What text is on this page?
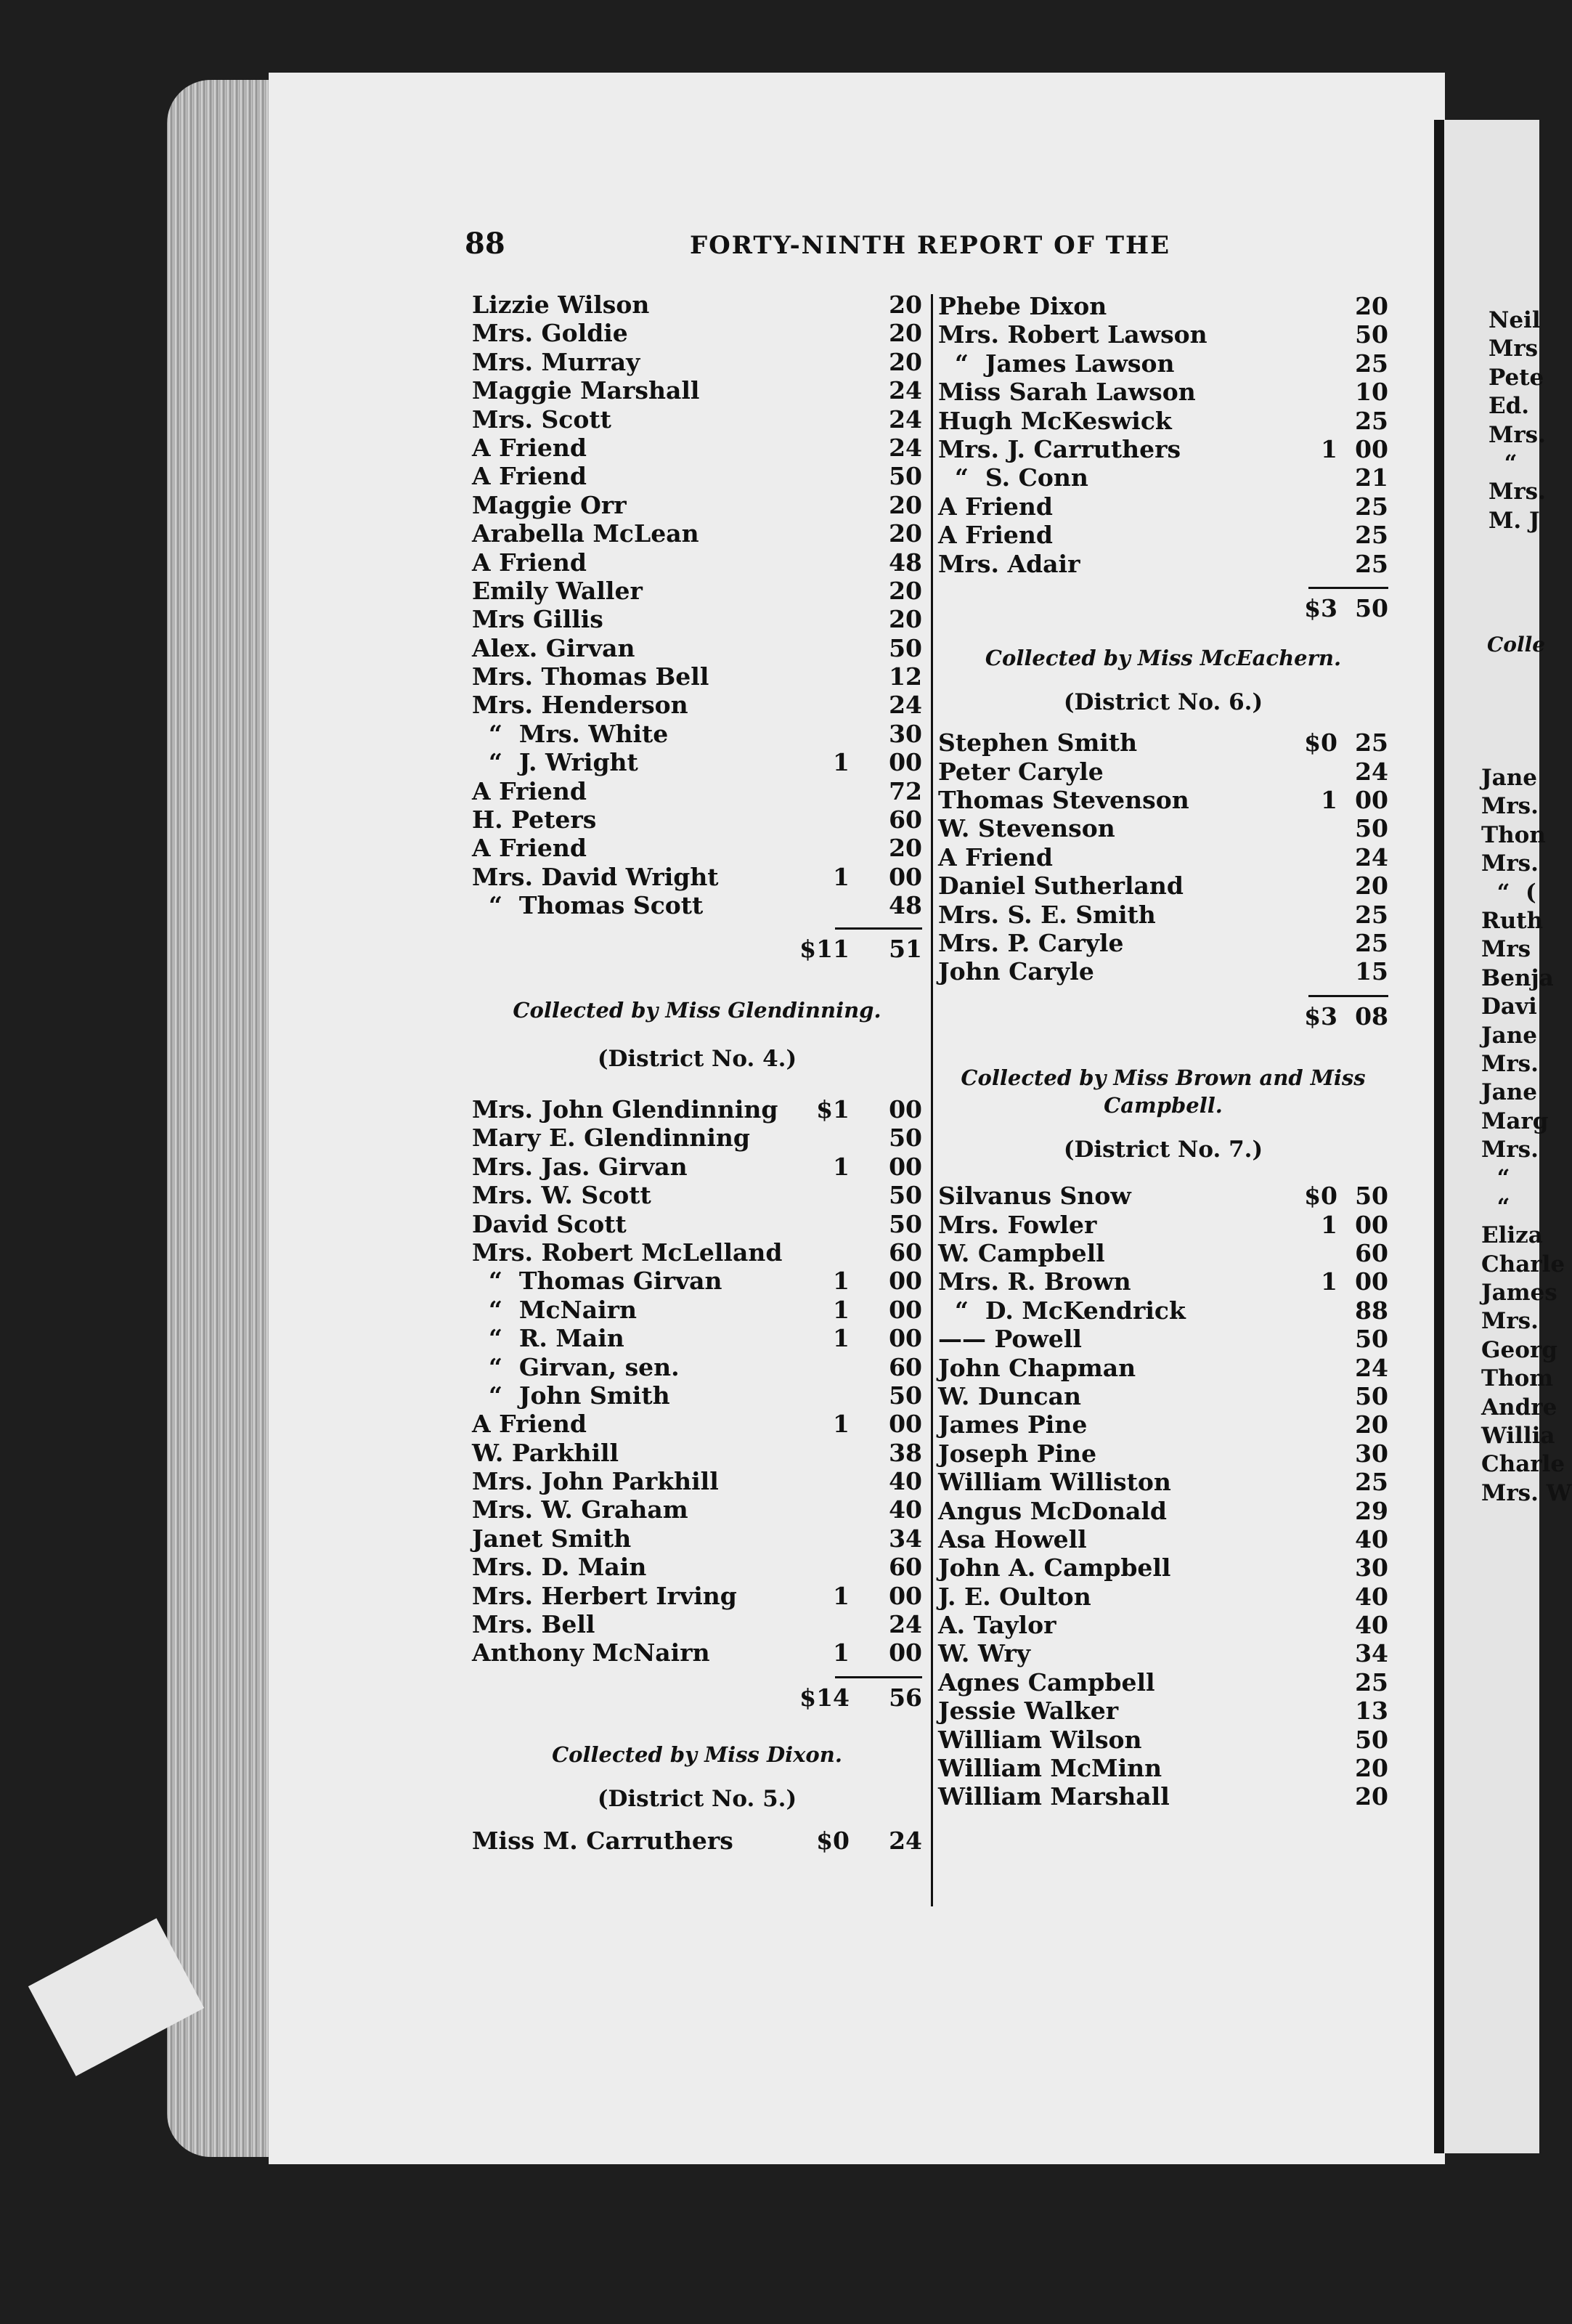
88	FORTY-NINTH REPORT OF THE
Lizzie Wilson	20
Mrs. Goldie	20
Mrs. Murray	20
Maggie Marshall	24
Mrs. Scott	24
A Friend	24
A Friend	50
Maggie Orr	20
Arabella McLean	20
A Friend	48
Emily Waller	20
Mrs Gillis	20
Alex. Girvan	50
Mrs. Thomas Bell	12
Mrs. Henderson	24
“  Mrs. White	30
“  J. Wright	1	00
A Friend	72
H. Peters	60
A Friend	20
Mrs. David Wright	1	00
“  Thomas Scott	48
$11	51
Collected by Miss Glendinning.
(District No. 4.)
Mrs. John Glendinning	$1	00
Mary E. Glendinning	50
Mrs. Jas. Girvan	1	00
Mrs. W. Scott	50
David Scott	50
Mrs. Robert McLelland	60
“  Thomas Girvan	1	00
“  McNairn	1	00
“  R. Main	1	00
“  Girvan, sen.	60
“  John Smith	50
A Friend	1	00
W. Parkhill	38
Mrs. John Parkhill	40
Mrs. W. Graham	40
Janet Smith	34
Mrs. D. Main	60
Mrs. Herbert Irving	1	00
Mrs. Bell	24
Anthony McNairn	1	00
$14	56
Collected by Miss Dixon.
(District No. 5.)
Miss M. Carruthers	$0	24
Phebe Dixon	20
Mrs. Robert Lawson	50
“  James Lawson	25
Miss Sarah Lawson	10
Hugh McKeswick	25
Mrs. J. Carruthers	1 00
“  S. Conn	21
A Friend	25
A Friend	25
Mrs. Adair	25
$3 50
Collected by Miss McEachern.
(District No. 6.)
Stephen Smith	$0 25
Peter Caryle	24
Thomas Stevenson	1 00
W. Stevenson	50
A Friend	24
Daniel Sutherland	20
Mrs. S. E. Smith	25
Mrs. P. Caryle	25
John Caryle	15
$3 08
Collected by Miss Brown and Miss
Campbell.
(District No. 7.)
Silvanus Snow	$0 50
Mrs. Fowler	1 00
W. Campbell	60
Mrs. R. Brown	1 00
“  D. McKendrick	88
—— Powell	50
John Chapman	24
W. Duncan	50
James Pine	20
Joseph Pine	30
William Williston	25
Angus McDonald	29
Asa Howell	40
John A. Campbell	30
J. E. Oulton	40
A. Taylor	40
W. Wry	34
Agnes Campbell	25
Jessie Walker	13
William Wilson	50
William McMinn	20
William Marshall	20
Neil
Mrs
Pete
Ed.
Mrs.
“
Mrs.
M. J
Colle
Jane
Mrs.
Thon
Mrs.
“  (
Ruth
Mrs
Benja
Davi
Jane
Mrs.
Jane
Marg
Mrs.
“
“
Eliza
Charle
James
Mrs.
Georg
Thom
Andre
Willia
Charle
Mrs. W
